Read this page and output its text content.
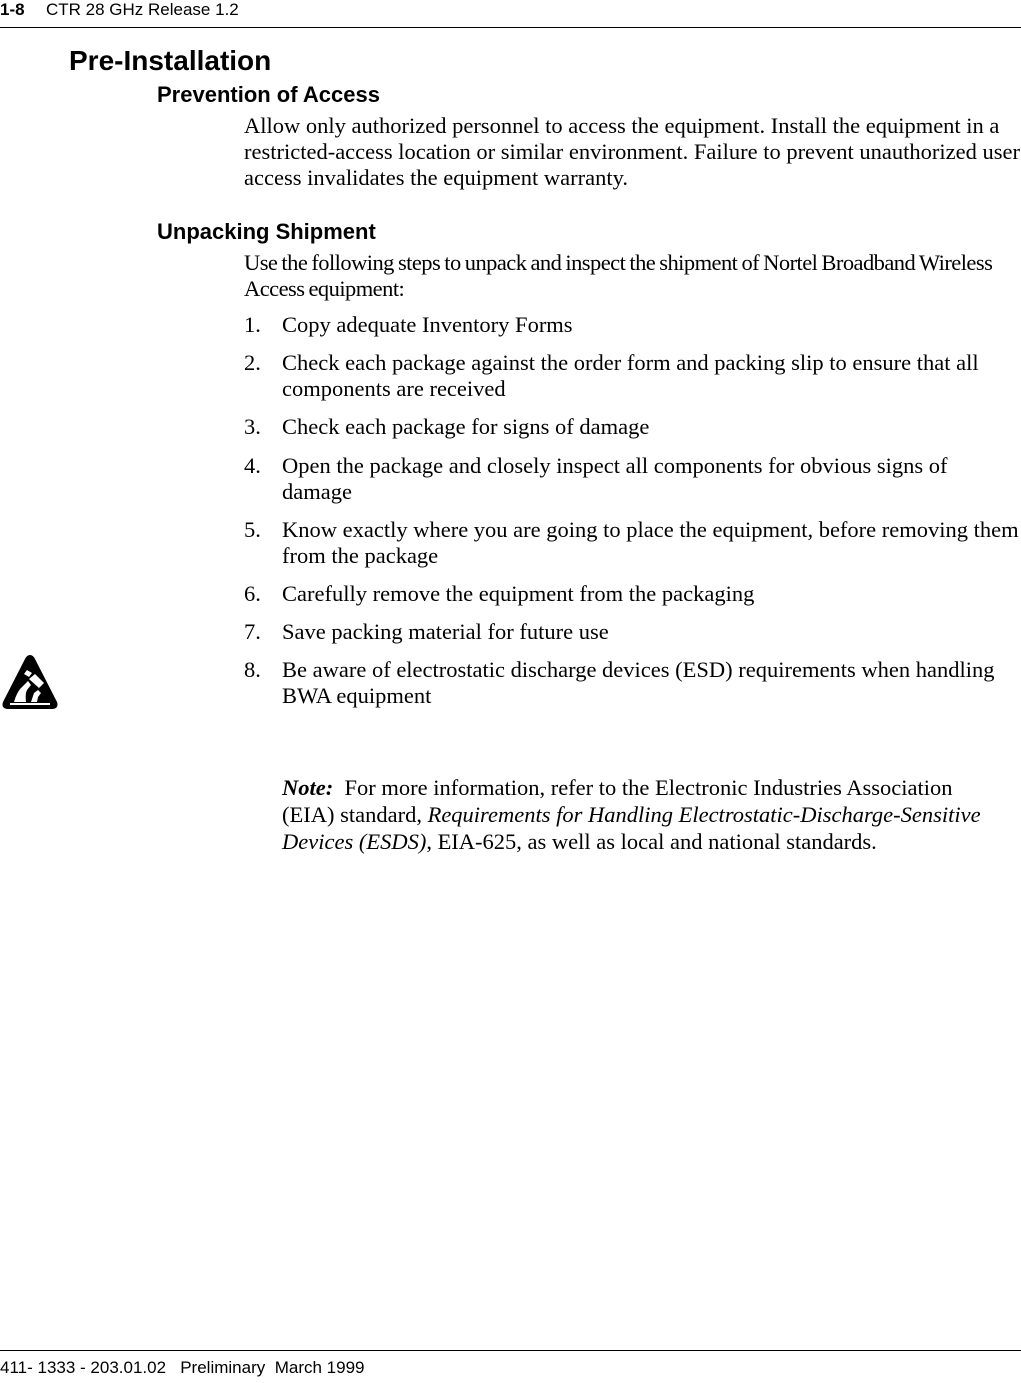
1-8 CTR 28 GHz Release 1.2
Pre-Installation
Prevention of Access

Allow only authorized personnel to access the equipment. Install the equipment in a restricted-access location or similar environment. Failure to prevent unauthorized user access invalidates the equipment warranty.

Unpacking Shipment

Use the following steps to unpack and inspect the shipment of Nortel Broadband Wireless Access equipment:

1. Copy adequate Inventory Forms
2. Check each package against the order form and packing slip to ensure that all components are received
3. Check each package for signs of damage
4. Open the package and closely inspect all components for obvious signs of damage
5. Know exactly where you are going to place the equipment, before removing them from the package
6. Carefully remove the equipment from the packaging
7. Save packing material for future use
8. Be aware of electrostatic discharge devices (ESD) requirements when handling BWA equipment

Note: For more information, refer to the Electronic Industries Association (EIA) standard, Requirements for Handling Electrostatic-Discharge-Sensitive Devices (ESDS), EIA-625, as well as local and national standards.

411- 1333 - 203.01.02 Preliminary March 1999
